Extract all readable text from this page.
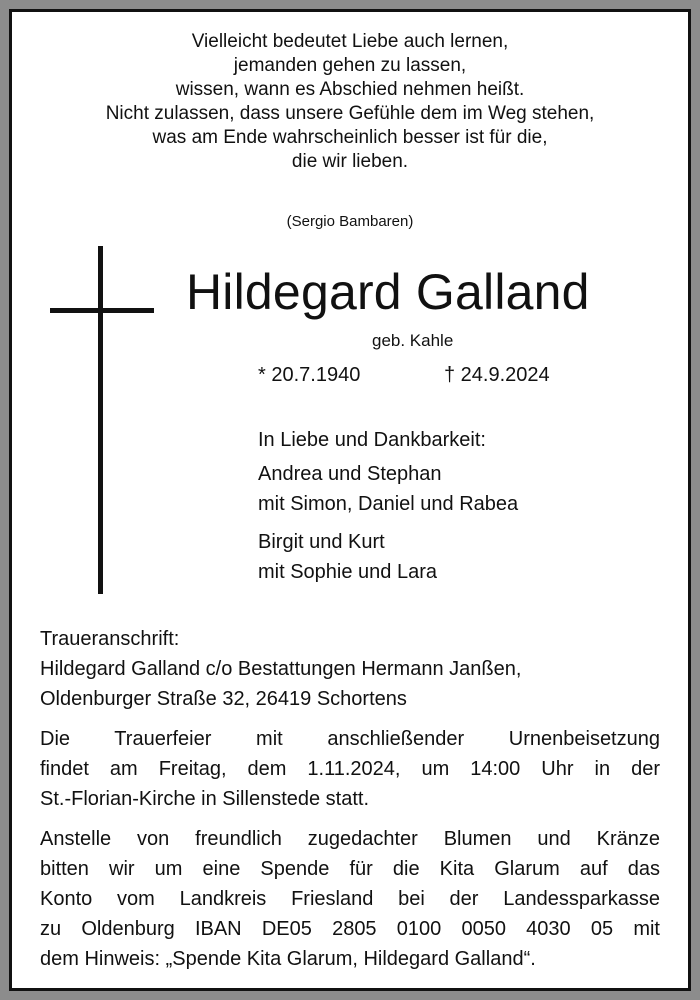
Vielleicht bedeutet Liebe auch lernen,
jemanden gehen zu lassen,
wissen, wann es Abschied nehmen heißt.
Nicht zulassen, dass unsere Gefühle dem im Weg stehen,
was am Ende wahrscheinlich besser ist für die,
die wir lieben.
(Sergio Bambaren)
Hildegard Galland
geb. Kahle
* 20.7.1940	† 24.9.2024
In Liebe und Dankbarkeit:
Andrea und Stephan
mit Simon, Daniel und Rabea
Birgit und Kurt
mit Sophie und Lara
Traueranschrift:
Hildegard Galland c/o Bestattungen Hermann Janßen,
Oldenburger Straße 32, 26419 Schortens
Die Trauerfeier mit anschließender Urnenbeisetzung
findet am Freitag, dem 1.11.2024, um 14:00 Uhr in der
St.-Florian-Kirche in Sillenstede statt.
Anstelle von freundlich zugedachter Blumen und Kränze
bitten wir um eine Spende für die Kita Glarum auf das
Konto vom Landkreis Friesland bei der Landessparkasse
zu Oldenburg IBAN DE05 2805 0100 0050 4030 05 mit
dem Hinweis: „Spende Kita Glarum, Hildegard Galland“.
